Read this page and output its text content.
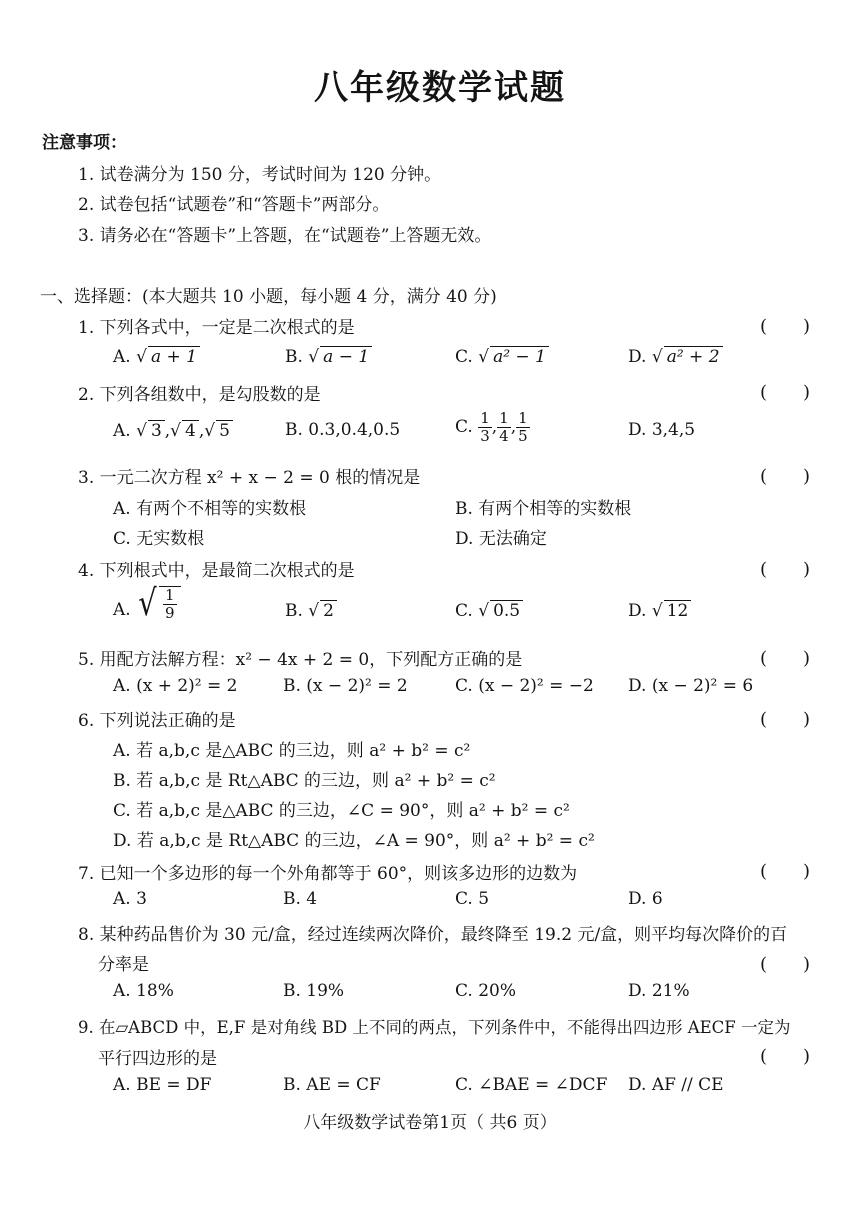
八年级数学试题
注意事项：
1. 试卷满分为 150 分，考试时间为 120 分钟。
2. 试卷包括“试题卷”和“答题卡”两部分。
3. 请务必在“答题卡”上答题，在“试题卷”上答题无效。
一、选择题：(本大题共 10 小题，每小题 4 分，满分 40 分)
1. 下列各式中，一定是二次根式的是	(　　)
A. √ a + 1	B. √ a − 1	C. √ a² − 1	D. √ a² + 2
2. 下列各组数中，是勾股数的是	(　　)
A. √ 3 ,√ 4 ,√ 5	B. 0.3,0.4,0.5	C. $\frac{1}{3}$ , $\frac{1}{4}$ , $\frac{1}{5}$	D. 3,4,5
3. 一元二次方程 x² + x − 2 = 0 根的情况是	(　　)
A. 有两个不相等的实数根	B. 有两个相等的实数根
C. 无实数根	D. 无法确定
4. 下列根式中，是最简二次根式的是	(　　)
A. √ $\frac{1}{9}$	B. √ 2	C. √ 0.5	D. √ 12
5. 用配方法解方程：x² − 4x + 2 = 0，下列配方正确的是	(　　)
A. (x + 2)² = 2	B. (x − 2)² = 2	C. (x − 2)² = −2 D. (x − 2)² = 6
6. 下列说法正确的是	(　　)
A. 若 a,b,c 是△ABC 的三边，则 a² + b² = c²
B. 若 a,b,c 是 Rt△ABC 的三边，则 a² + b² = c²
C. 若 a,b,c 是△ABC 的三边，∠C = 90°，则 a² + b² = c²
D. 若 a,b,c 是 Rt△ABC 的三边，∠A = 90°，则 a² + b² = c²
7. 已知一个多边形的每一个外角都等于 60°，则该多边形的边数为	(　　)
A. 3	B. 4	C. 5	D. 6
8. 某种药品售价为 30 元/盒，经过连续两次降价，最终降至 19.2 元/盒，则平均每次降价的百
分率是	(　　)
A. 18%	B. 19%	C. 20%	D. 21%
9. 在▱ABCD 中，E,F 是对角线 BD 上不同的两点，下列条件中，不能得出四边形 AECF 一定为
平行四边形的是	(　　)
A. BE = DF	B. AE = CF	C. ∠BAE = ∠DCF D. AF // CE
八年级数学试卷第1页（ 共6 页）
